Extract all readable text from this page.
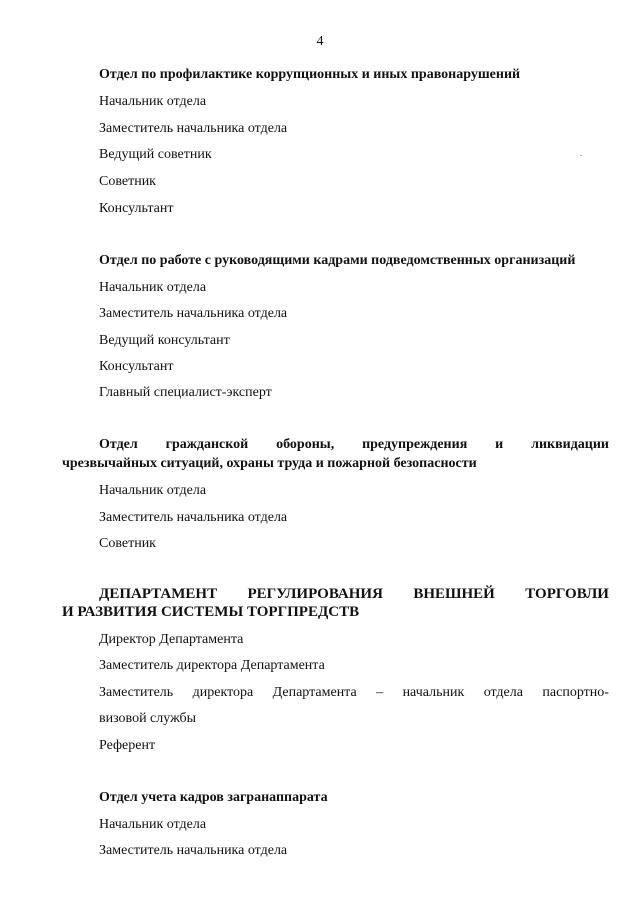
4
Отдел по профилактике коррупционных и иных правонарушений
Начальник отдела
Заместитель начальника отдела
Ведущий советник
Советник
Консультант
Отдел по работе с руководящими кадрами подведомственных организаций
Начальник отдела
Заместитель начальника отдела
Ведущий консультант
Консультант
Главный специалист-эксперт
Отдел гражданской обороны, предупреждения и ликвидации
чрезвычайных ситуаций, охраны труда и пожарной безопасности
Начальник отдела
Заместитель начальника отдела
Советник
ДЕПАРТАМЕНТ РЕГУЛИРОВАНИЯ ВНЕШНЕЙ ТОРГОВЛИ
И РАЗВИТИЯ СИСТЕМЫ ТОРГПРЕДСТВ
Директор Департамента
Заместитель директора Департамента
Заместитель директора Департамента – начальник отдела паспортно-
визовой службы
Референт
Отдел учета кадров загранаппарата
Начальник отдела
Заместитель начальника отдела
